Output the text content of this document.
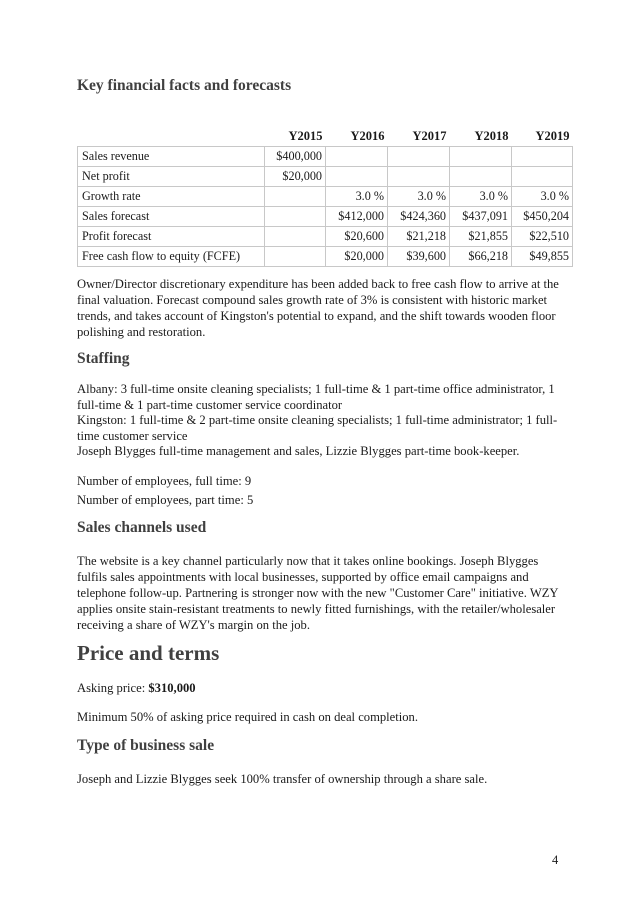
Key financial facts and forecasts
	Y2015	Y2016	Y2017	Y2018	Y2019
Sales revenue	$400,000				
Net profit	$20,000				
Growth rate		3.0 %	3.0 %	3.0 %	3.0 %
Sales forecast		$412,000	$424,360	$437,091	$450,204
Profit forecast		$20,600	$21,218	$21,855	$22,510
Free cash flow to equity (FCFE)		$20,000	$39,600	$66,218	$49,855

Owner/Director discretionary expenditure has been added back to free cash flow to arrive at the final valuation. Forecast compound sales growth rate of 3% is consistent with historic market trends, and takes account of Kingston's potential to expand, and the shift towards wooden floor polishing and restoration.

Staffing

Albany: 3 full-time onsite cleaning specialists; 1 full-time & 1 part-time office administrator, 1 full-time & 1 part-time customer service coordinator

Kingston: 1 full-time & 2 part-time onsite cleaning specialists; 1 full-time administrator; 1 full-time customer service

Joseph Blygges full-time management and sales, Lizzie Blygges part-time book-keeper.

Number of employees, full time: 9

Number of employees, part time: 5

Sales channels used

The website is a key channel particularly now that it takes online bookings. Joseph Blygges fulfils sales appointments with local businesses, supported by office email campaigns and telephone follow-up. Partnering is stronger now with the new "Customer Care" initiative. WZY applies onsite stain-resistant treatments to newly fitted furnishings, with the retailer/wholesaler receiving a share of WZY's margin on the job.

Price and terms

Asking price: $310,000

Minimum 50% of asking price required in cash on deal completion.

Type of business sale

Joseph and Lizzie Blygges seek 100% transfer of ownership through a share sale.

4
